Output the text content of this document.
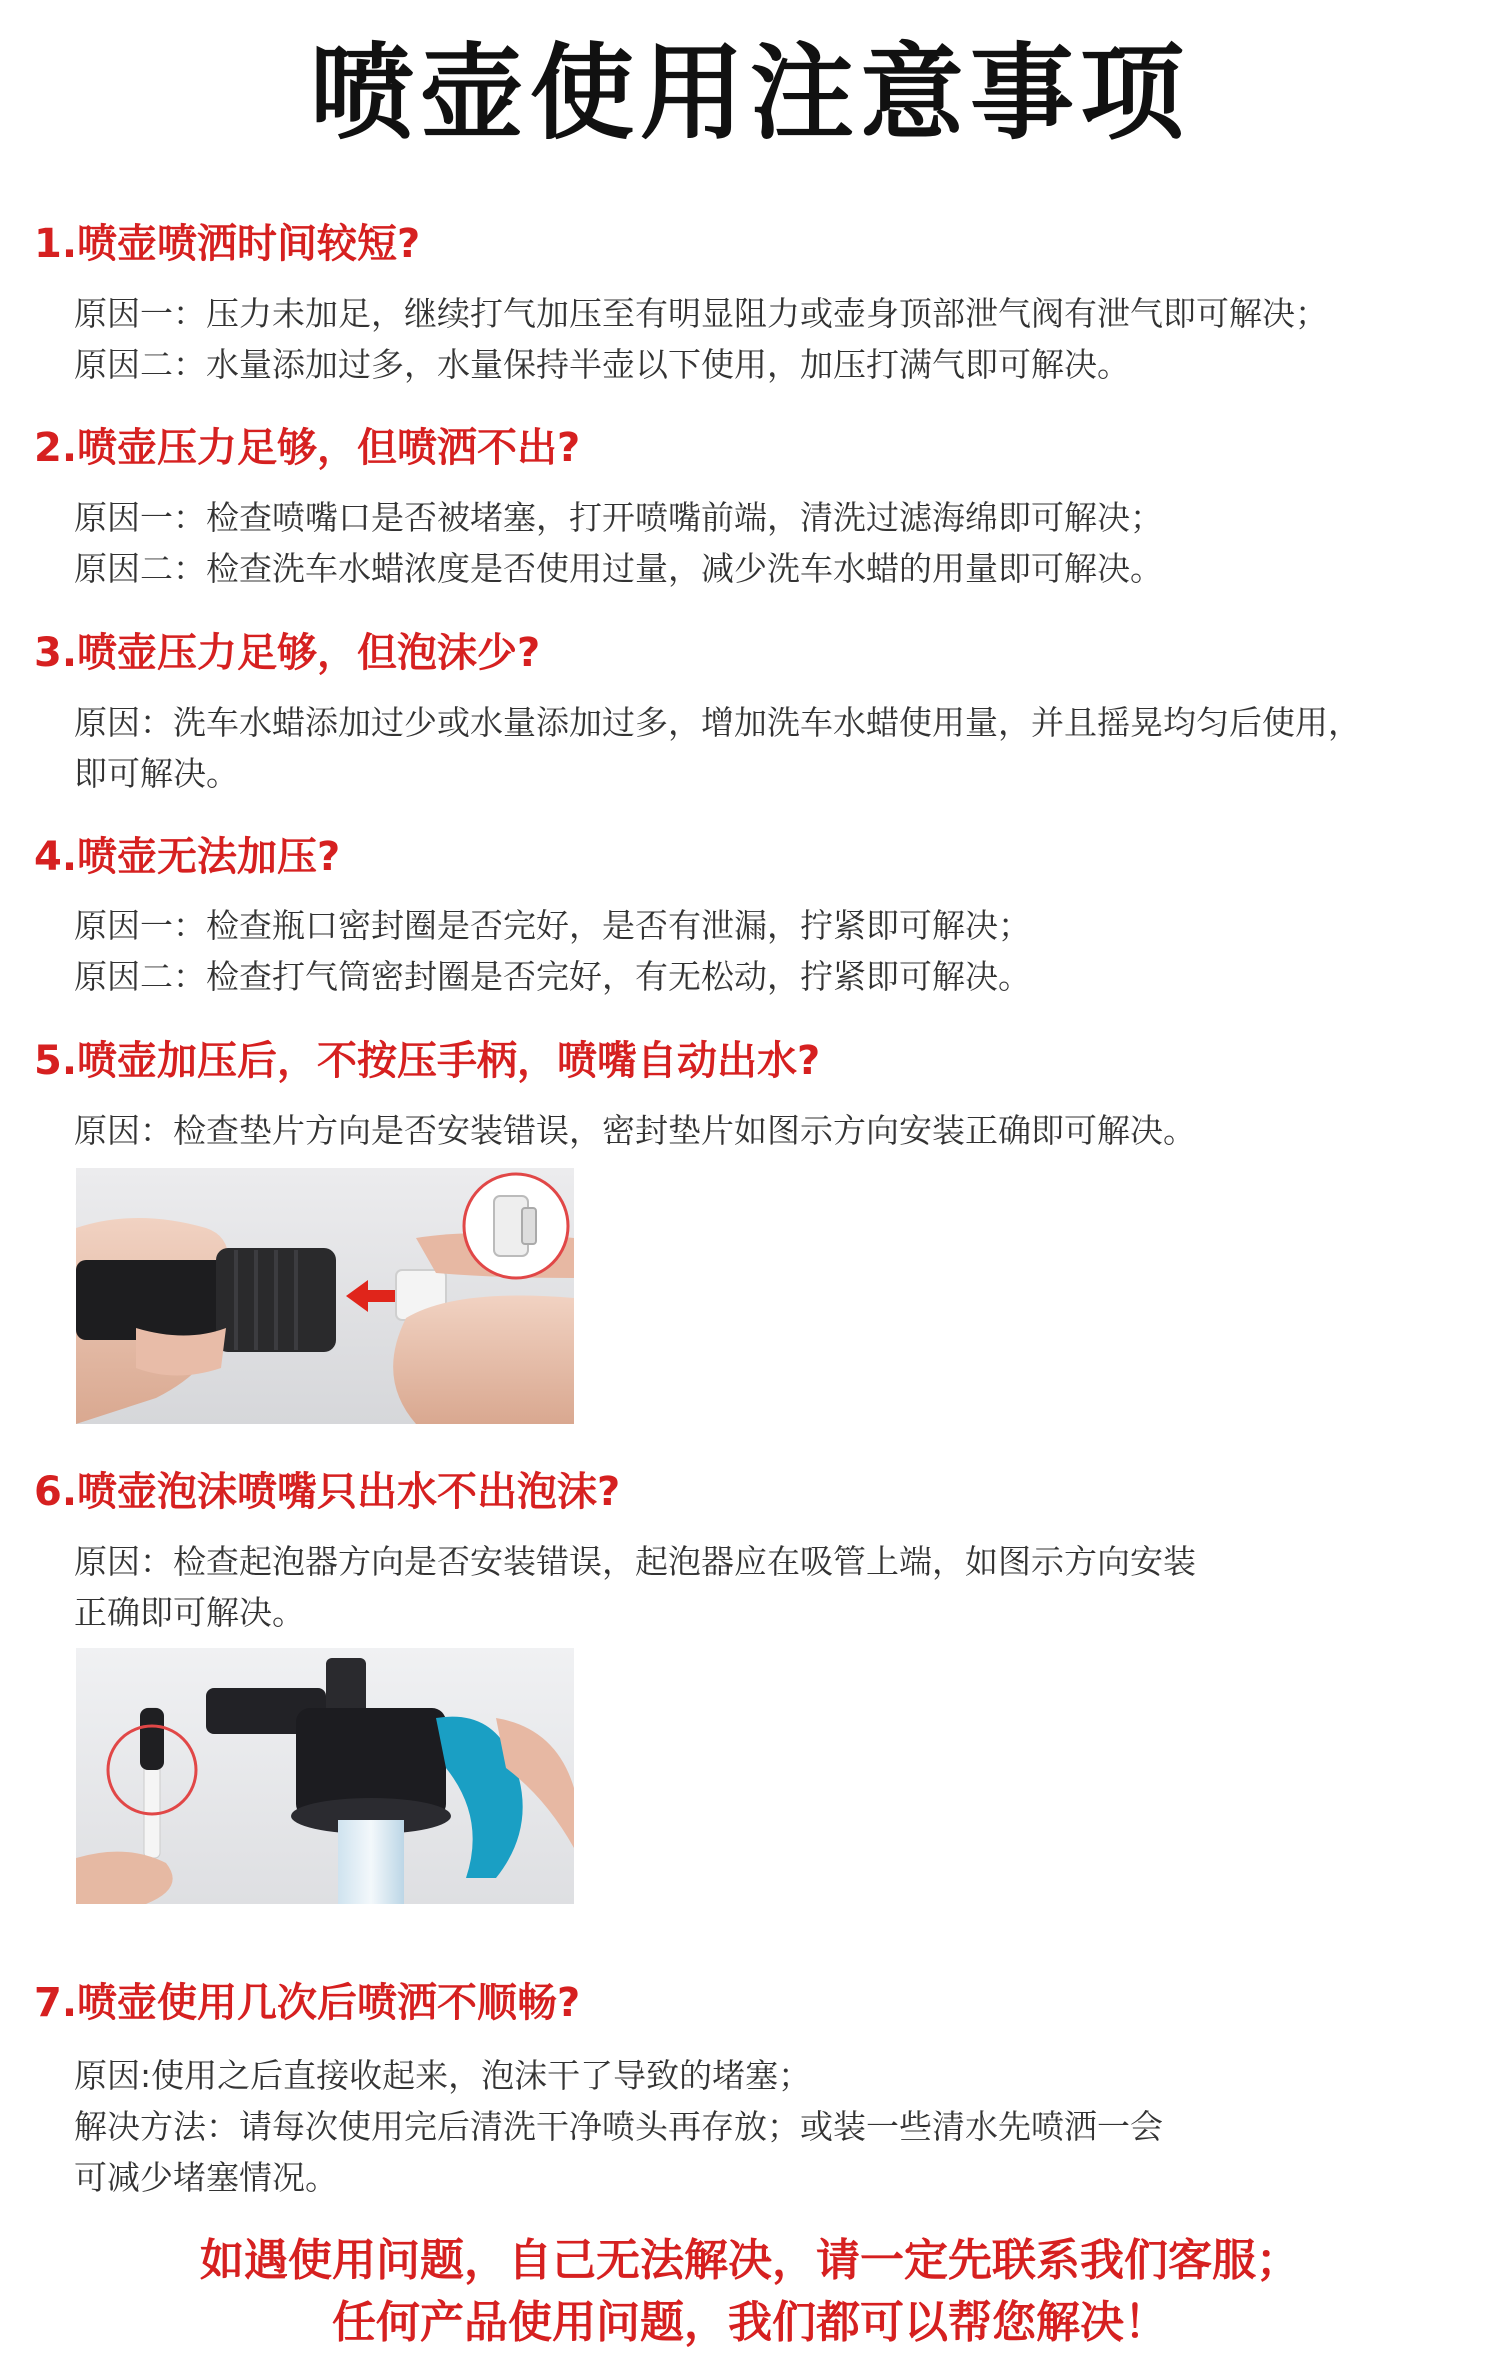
喷壶使用注意事项
1.喷壶喷洒时间较短?
原因一：压力未加足，继续打气加压至有明显阻力或壶身顶部泄气阀有泄气即可解决；
原因二：水量添加过多，水量保持半壶以下使用，加压打满气即可解决。
2.喷壶压力足够，但喷洒不出?
原因一：检查喷嘴口是否被堵塞，打开喷嘴前端，清洗过滤海绵即可解决；
原因二：检查洗车水蜡浓度是否使用过量，减少洗车水蜡的用量即可解决。
3.喷壶压力足够，但泡沫少?
原因：洗车水蜡添加过少或水量添加过多，增加洗车水蜡使用量，并且摇晃均匀后使用，
即可解决。
4.喷壶无法加压?
原因一：检查瓶口密封圈是否完好，是否有泄漏，拧紧即可解决；
原因二：检查打气筒密封圈是否完好，有无松动，拧紧即可解决。
5.喷壶加压后，不按压手柄，喷嘴自动出水?
原因：检查垫片方向是否安装错误，密封垫片如图示方向安装正确即可解决。
6.喷壶泡沫喷嘴只出水不出泡沫?
原因：检查起泡器方向是否安装错误，起泡器应在吸管上端，如图示方向安装
正确即可解决。
7.喷壶使用几次后喷洒不顺畅?
原因:使用之后直接收起来，泡沫干了导致的堵塞；
解决方法：请每次使用完后清洗干净喷头再存放；或装一些清水先喷洒一会
可减少堵塞情况。
如遇使用问题，自己无法解决，请一定先联系我们客服；
任何产品使用问题，我们都可以帮您解决！
